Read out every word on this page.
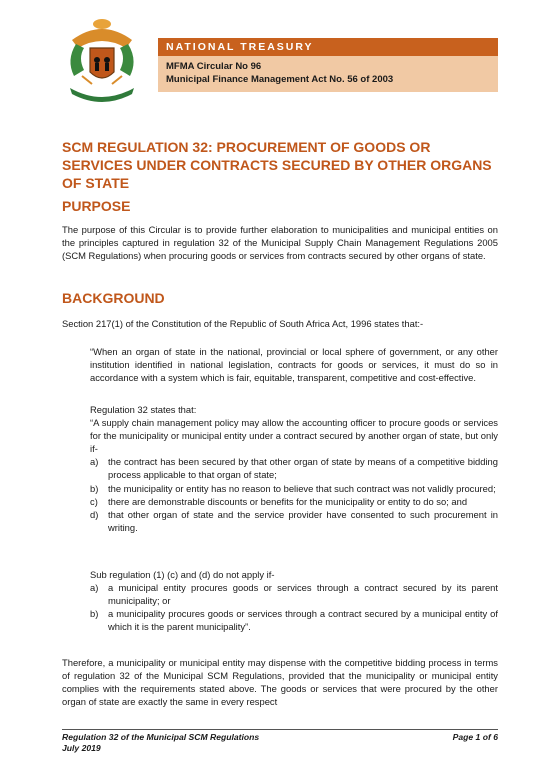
NATIONAL TREASURY
MFMA Circular No 96
Municipal Finance Management Act No. 56 of 2003
SCM REGULATION 32: PROCUREMENT OF GOODS OR SERVICES UNDER CONTRACTS SECURED BY OTHER ORGANS OF STATE
PURPOSE
The purpose of this Circular is to provide further elaboration to municipalities and municipal entities on the principles captured in regulation 32 of the Municipal Supply Chain Management Regulations 2005 (SCM Regulations) when procuring goods or services from contracts secured by other organs of state.
BACKGROUND
Section 217(1) of the Constitution of the Republic of South Africa Act, 1996 states that:-
“When an organ of state in the national, provincial or local sphere of government, or any other institution identified in national legislation, contracts for goods or services, it must do so in accordance with a system which is fair, equitable, transparent, competitive and cost-effective.
Regulation 32 states that:
“A supply chain management policy may allow the accounting officer to procure goods or services for the municipality or municipal entity under a contract secured by another organ of state, but only if-
a) the contract has been secured by that other organ of state by means of a competitive bidding process applicable to that organ of state;
b) the municipality or entity has no reason to believe that such contract was not validly procured;
c) there are demonstrable discounts or benefits for the municipality or entity to do so; and
d) that other organ of state and the service provider have consented to such procurement in writing.
Sub regulation (1) (c) and (d) do not apply if-
a) a municipal entity procures goods or services through a contract secured by its parent municipality; or
b) a municipality procures goods or services through a contract secured by a municipal entity of which it is the parent municipality”.
Therefore, a municipality or municipal entity may dispense with the competitive bidding process in terms of regulation 32 of the Municipal SCM Regulations, provided that the municipality or municipal entity complies with the requirements stated above. The goods or services that were procured by the other organ of state are exactly the same in every respect
Regulation 32 of the Municipal SCM Regulations
July 2019
Page 1 of 6
